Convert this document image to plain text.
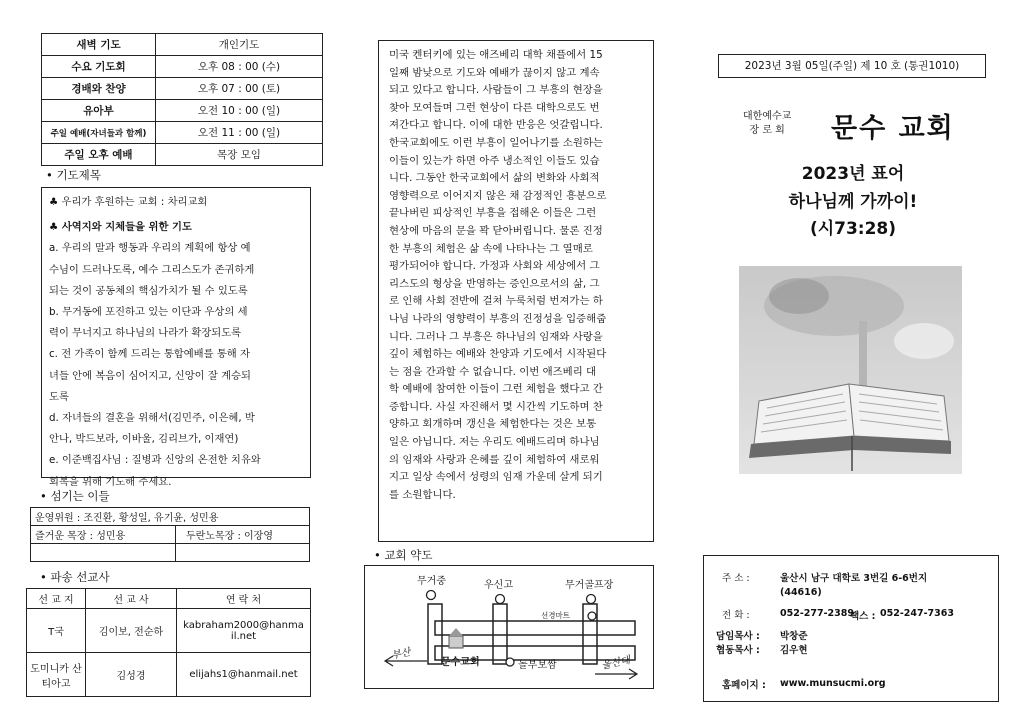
새벽 기도	개인기도
수요 기도회	오후 08 : 00 (수)
경배와 찬양	오후 07 : 00 (토)
유아부	오전 10 : 00 (일)
주일 예배(자녀들과 함께)	오전 11 : 00 (일)
주일 오후 예배	목장 모임
• 기도제목

♣ 우리가 후원하는 교회 : 차리교회

♣ 사역지와 지체들을 위한 기도

a. 우리의 말과 행동과 우리의 계획에 항상 예

수님이 드러나도록, 예수 그리스도가 존귀하게

되는 것이 공동체의 핵심가치가 될 수 있도록

b. 무거동에 포진하고 있는 이단과 우상의 세

력이 무너지고 하나님의 나라가 확장되도록

c. 전 가족이 함께 드리는 통합예배를 통해 자

녀들 안에 복음이 심어지고, 신앙이 잘 계승되

도록

d. 자녀들의 결혼을 위해서(김민주, 이은혜, 박

안나, 박드보라, 이바울, 김리브가, 이재연)

e. 이준백집사님 : 질병과 신앙의 온전한 치유와

회복을 위해 기도해 주세요.

• 섬기는 이들
운영위원 : 조진환, 황성일, 유기윤, 성민용	
즐거운 목장 : 성민용	두란노목장 : 이장영

• 파송 선교사
선 교 지	선 교 사	연 락 처
T국	김이보, 전순하	kabraham2000@hanmail.net
도미니카 산티아고	김성경	elijahs1@hanmail.net

미국 켄터키에 있는 애즈베리 대학 채플에서 15

일째 밤낮으로 기도와 예배가 끊이지 않고 계속

되고 있다고 합니다. 사람들이 그 부흥의 현장을

찾아 모여들며 그런 현상이 다른 대학으로도 번

져간다고 합니다. 이에 대한 반응은 엇갈립니다.

한국교회에도 이런 부흥이 일어나기를 소원하는

이들이 있는가 하면 아주 냉소적인 이들도 있습

니다. 그동안 한국교회에서 삶의 변화와 사회적

영향력으로 이어지지 않은 채 감정적인 흥분으로

끝나버린 피상적인 부흥을 접해온 이들은 그런

현상에 마음의 문을 꽉 닫아버립니다. 물론 진정

한 부흥의 체험은 삶 속에 나타나는 그 열매로

평가되어야 합니다. 가정과 사회와 세상에서 그

리스도의 형상을 반영하는 증인으로서의 삶, 그

로 인해 사회 전반에 걸쳐 누룩처럼 번져가는 하

나님 나라의 영향력이 부흥의 진정성을 입증해줍

니다. 그러나 그 부흥은 하나님의 임재와 사랑을

깊이 체험하는 예배와 찬양과 기도에서 시작된다

는 점을 간과할 수 없습니다. 이번 애즈베리 대

학 예배에 참여한 이들이 그런 체험을 했다고 간

증합니다. 사실 자진해서 몇 시간씩 기도하며 찬

양하고 회개하며 갱신을 체험한다는 것은 보통

일은 아닙니다. 저는 우리도 예배드리며 하나님

의 임재와 사랑과 은혜를 깊이 체험하여 새로워

지고 일상 속에서 성령의 임재 가운데 살게 되기

를 소원합니다.

• 교회 약도
무거중	우신고	무거골프장
선경마트
부산
문수교회	놀부보쌈	울산대
2023년 3월 05일(주일) 제 10 호 (통권1010)
대한예수교
장 로 회 문수 교회
2023년 표어
하나님께 가까이!
(시73:28)
주 소 :	울산시 남구 대학로 3번길 6-6번지
(44616)
전 화 :	052-277-2389
팩스 : 052-247-7363
담임목사 : 박창준
협동목사 : 김우현
홈페이지 : www.munsucmi.org
